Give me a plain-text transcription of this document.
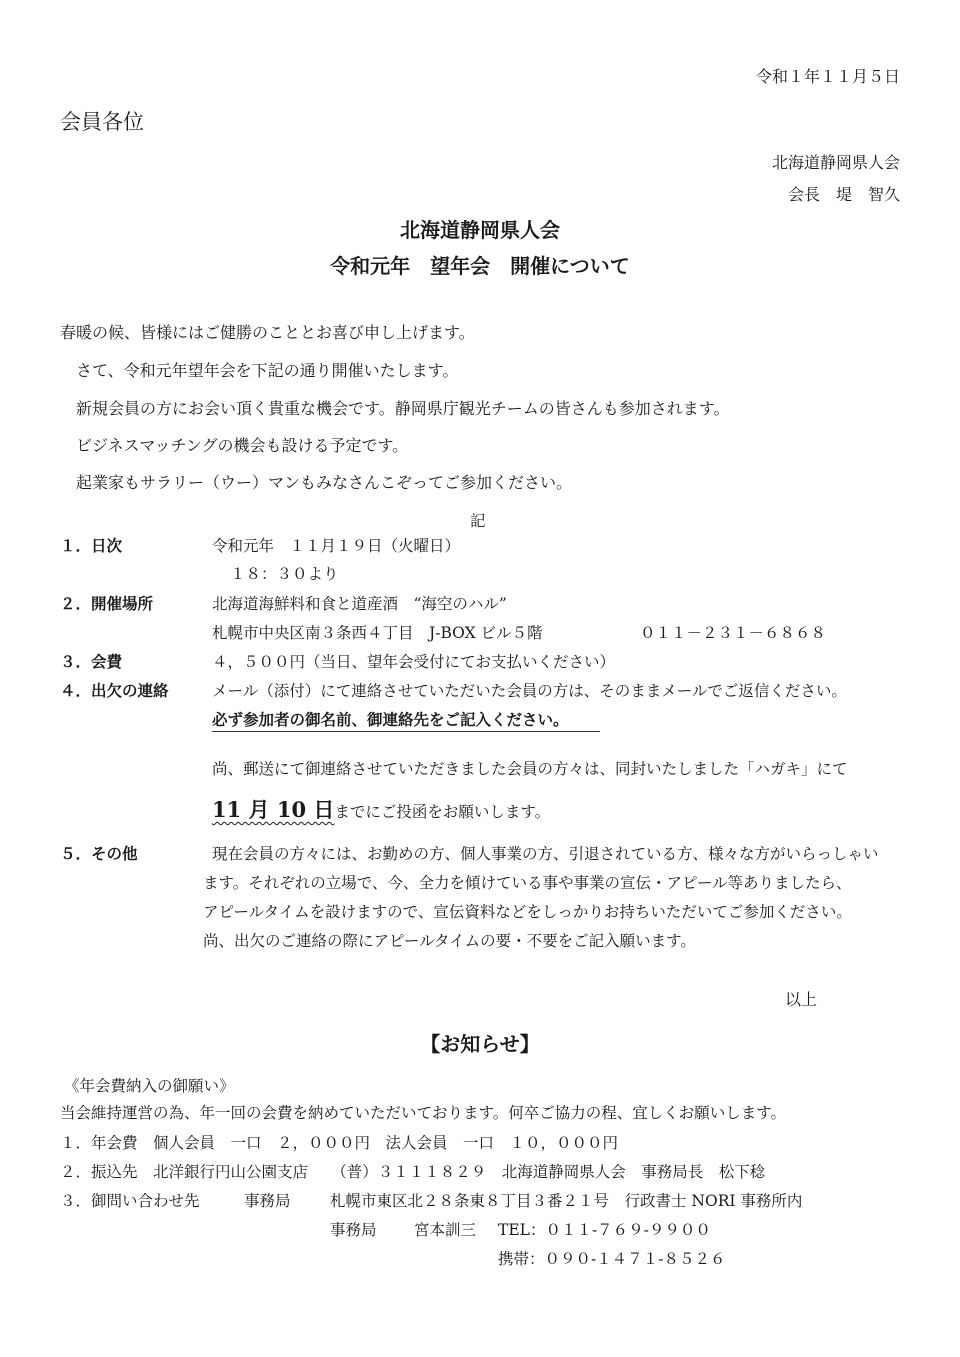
令和１年１１月５日
会員各位
北海道静岡県人会
会長　堤　智久
北海道静岡県人会
令和元年　望年会　開催について
春暖の候、皆様にはご健勝のこととお喜び申し上げます。
さて、令和元年望年会を下記の通り開催いたします。
新規会員の方にお会い頂く貴重な機会です。静岡県庁観光チームの皆さんも参加されます。
ビジネスマッチングの機会も設ける予定です。
起業家もサラリー（ウー）マンもみなさんこぞってご参加ください。
記
１．日次	令和元年　１１月１９日（火曜日）
１８：３０より
２．開催場所	北海道海鮮料和食と道産酒　“海空のハル”
札幌市中央区南３条西４丁目　J-BOX ビル５階	０１１－２３１－６８６８
３．会費	４，５００円（当日、望年会受付にてお支払いください）
４．出欠の連絡	メール（添付）にて連絡させていただいた会員の方は、そのままメールでご返信ください。
必ず参加者の御名前、御連絡先をご記入ください。
尚、郵送にて御連絡させていただきました会員の方々は、同封いたしました「ハガキ」にて
11 月 10 日までにご投函をお願いします。
５．その他	現在会員の方々には、お勤めの方、個人事業の方、引退されている方、様々な方がいらっしゃい
ます。それぞれの立場で、今、全力を傾けている事や事業の宣伝・アピール等ありましたら、
アピールタイムを設けますので、宣伝資料などをしっかりお持ちいただいてご参加ください。
尚、出欠のご連絡の際にアピールタイムの要・不要をご記入願います。
以上
【お知らせ】
《年会費納入の御願い》
当会維持運営の為、年一回の会費を納めていただいております。何卒ご協力の程、宜しくお願いします。
１．年会費　個人会員　一口　２，０００円　法人会員　一口　１０，０００円
２．振込先　北洋銀行円山公園支店　　（普）３１１１８２９　北海道静岡県人会　事務局長　松下稔
３．御問い合わせ先	事務局	札幌市東区北２８条東８丁目３番２１号　行政書士 NORI 事務所内
事務局 宮本訓三 TEL：０１１-７６９-９９００
携帯：０９０-１４７１-８５２６
